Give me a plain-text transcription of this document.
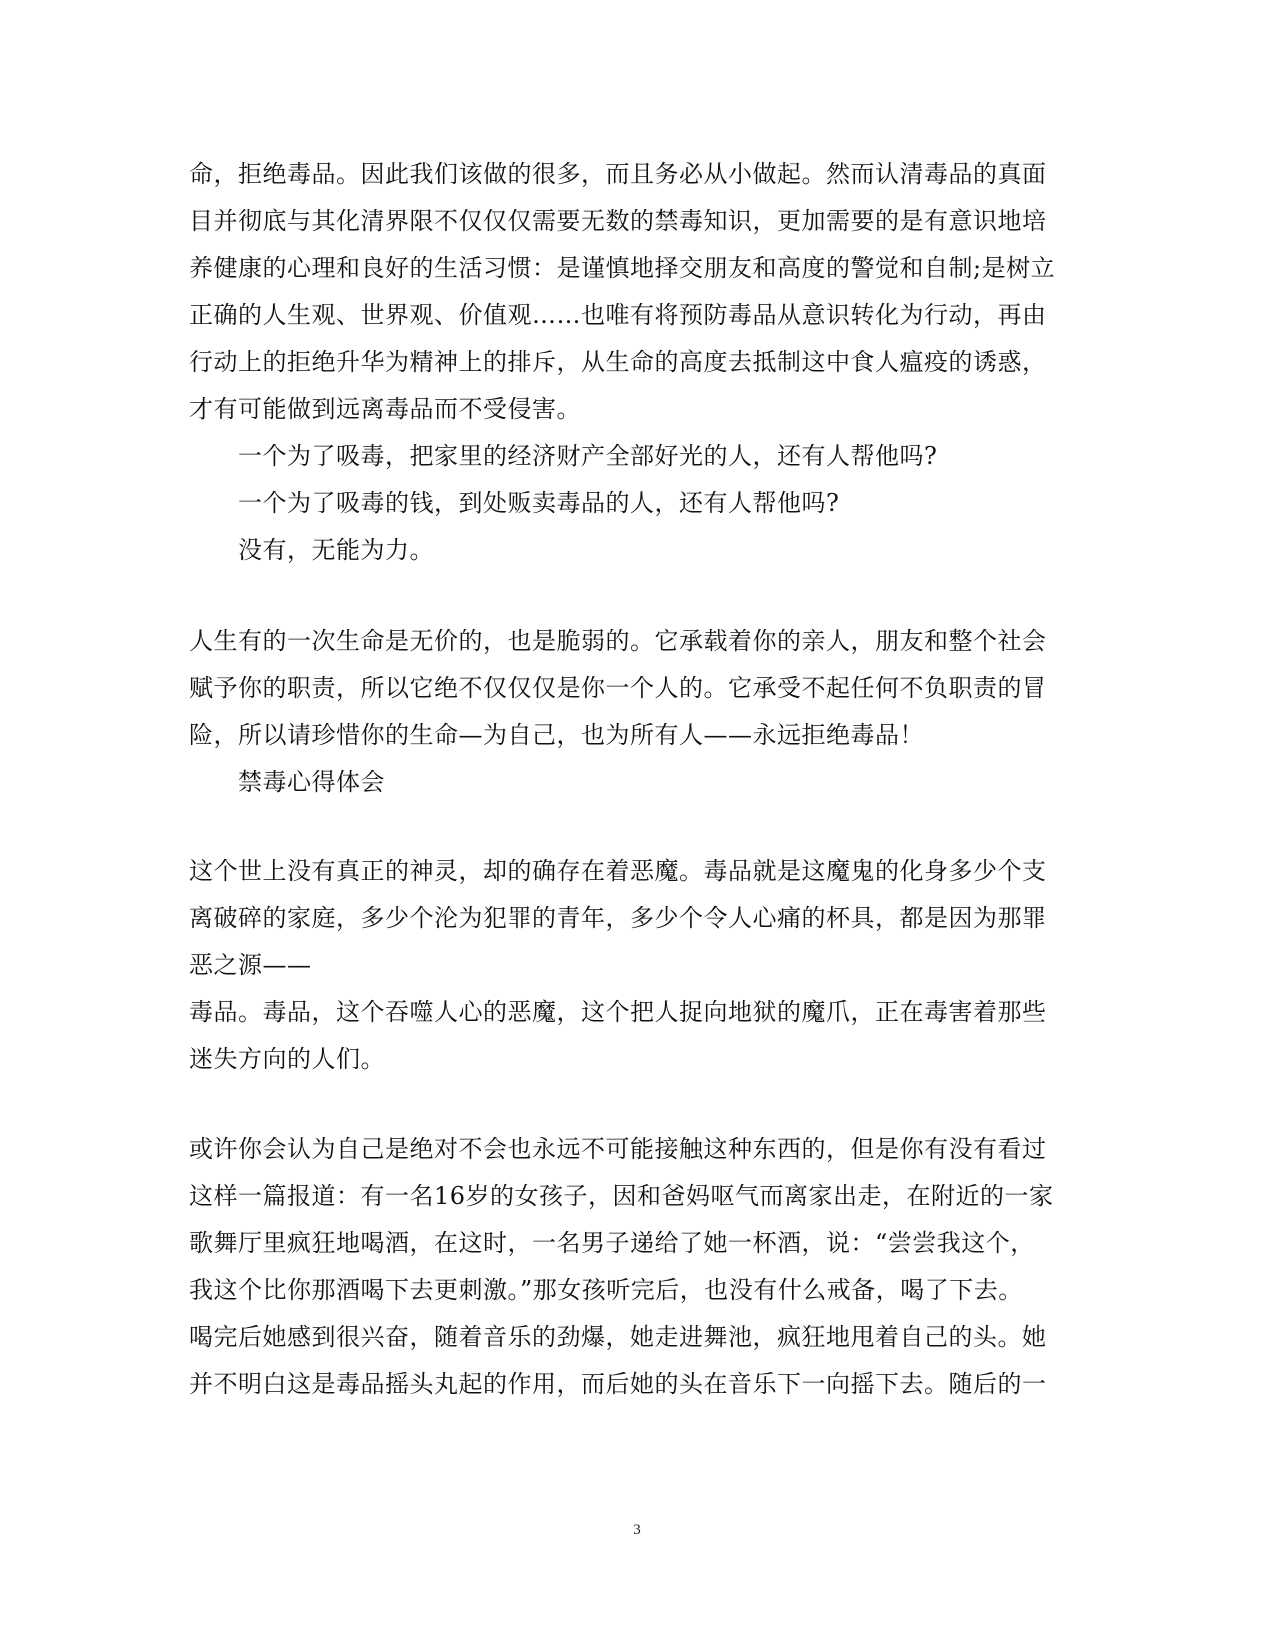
命，拒绝毒品。因此我们该做的很多，而且务必从小做起。然而认清毒品的真面
目并彻底与其化清界限不仅仅仅需要无数的禁毒知识，更加需要的是有意识地培
养健康的心理和良好的生活习惯：是谨慎地择交朋友和高度的警觉和自制;是树立
正确的人生观、世界观、价值观……也唯有将预防毒品从意识转化为行动，再由
行动上的拒绝升华为精神上的排斥，从生命的高度去抵制这中食人瘟疫的诱惑，
才有可能做到远离毒品而不受侵害。
一个为了吸毒，把家里的经济财产全部好光的人，还有人帮他吗?
一个为了吸毒的钱，到处贩卖毒品的人，还有人帮他吗?
没有，无能为力。
人生有的一次生命是无价的，也是脆弱的。它承载着你的亲人，朋友和整个社会
赋予你的职责，所以它绝不仅仅仅是你一个人的。它承受不起任何不负职责的冒
险，所以请珍惜你的生命—为自己，也为所有人——永远拒绝毒品！
禁毒心得体会
这个世上没有真正的神灵，却的确存在着恶魔。毒品就是这魔鬼的化身多少个支
离破碎的家庭，多少个沦为犯罪的青年，多少个令人心痛的杯具，都是因为那罪
恶之源——
毒品。毒品，这个吞噬人心的恶魔，这个把人捉向地狱的魔爪，正在毒害着那些
迷失方向的人们。
或许你会认为自己是绝对不会也永远不可能接触这种东西的，但是你有没有看过
这样一篇报道：有一名16岁的女孩子，因和爸妈呕气而离家出走，在附近的一家
歌舞厅里疯狂地喝酒，在这时，一名男子递给了她一杯酒，说：“尝尝我这个，
我这个比你那酒喝下去更刺激。”那女孩听完后，也没有什么戒备，喝了下去。
喝完后她感到很兴奋，随着音乐的劲爆，她走进舞池，疯狂地甩着自己的头。她
并不明白这是毒品摇头丸起的作用，而后她的头在音乐下一向摇下去。随后的一
3
